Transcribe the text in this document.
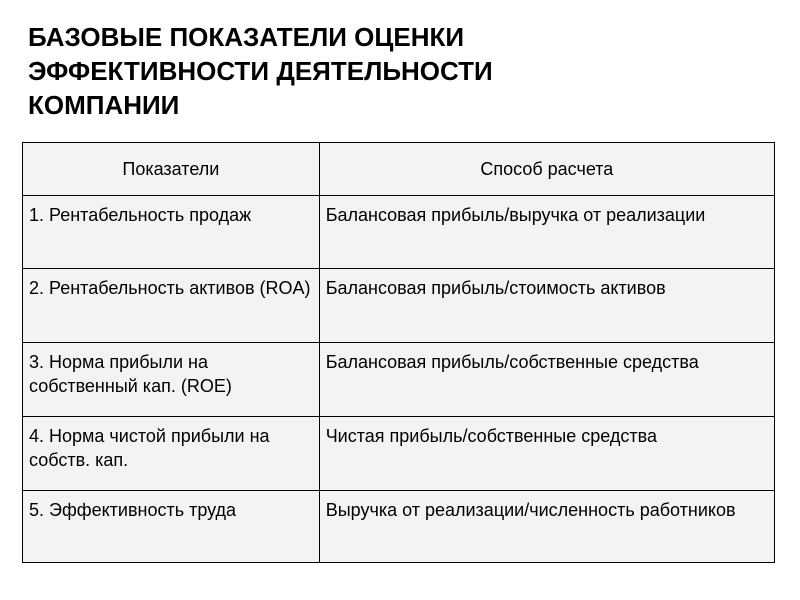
БАЗОВЫЕ ПОКАЗАТЕЛИ ОЦЕНКИ
ЭФФЕКТИВНОСТИ ДЕЯТЕЛЬНОСТИ
КОМПАНИИ
Показатели	Способ расчета
1. Рентабельность продаж	Балансовая прибыль/выручка от реализации
2. Рентабельность активов (ROA)	Балансовая прибыль/стоимость активов
3. Норма прибыли на собственный кап. (ROE)	Балансовая прибыль/собственные средства
4. Норма чистой прибыли на собств. кап.	Чистая прибыль/собственные средства
5. Эффективность труда	Выручка от реализации/численность работников
